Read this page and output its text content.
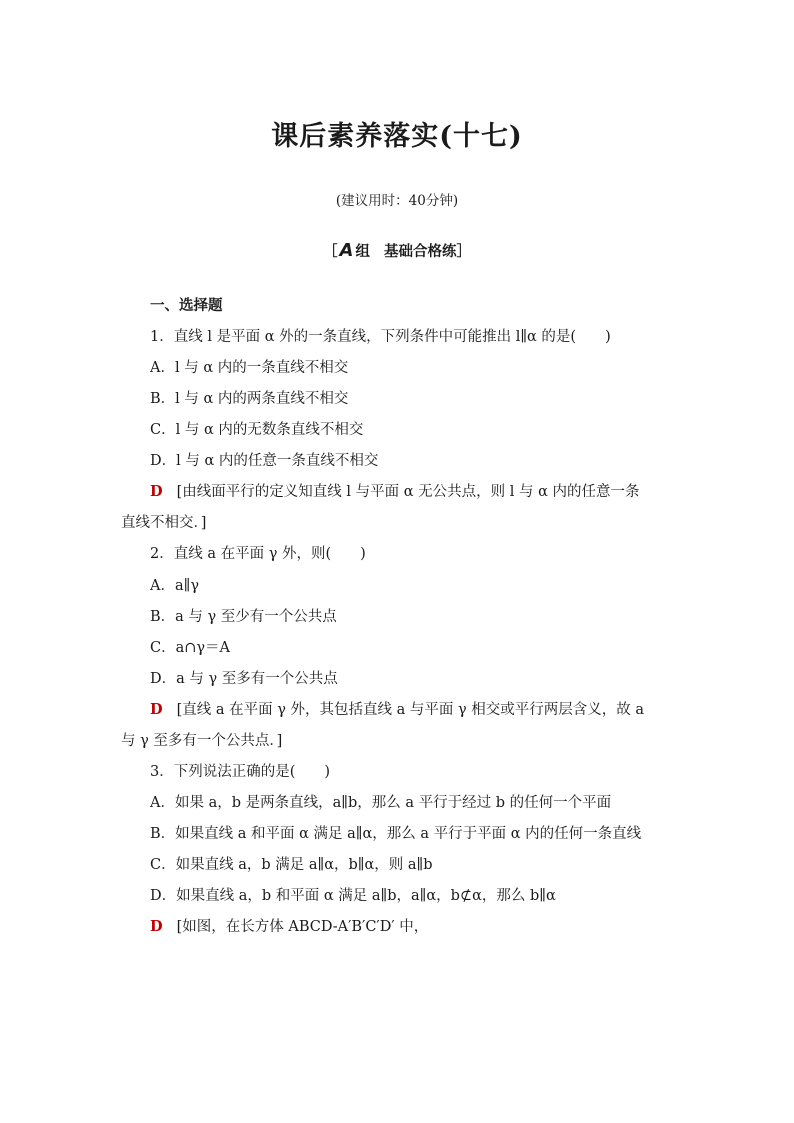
课后素养落实(十七)
(建议用时：40分钟)
［ A 组 基础合格练］
一、选择题
1．直线 l 是平面 α 外的一条直线，下列条件中可能推出 l∥α 的是(　　)
A．l 与 α 内的一条直线不相交
B．l 与 α 内的两条直线不相交
C．l 与 α 内的无数条直线不相交
D．l 与 α 内的任意一条直线不相交
D [由线面平行的定义知直线 l 与平面 α 无公共点，则 l 与 α 内的任意一条
直线不相交．]
2．直线 a 在平面 γ 外，则(　　)
A．a∥γ
B．a 与 γ 至少有一个公共点
C．a∩γ＝A
D．a 与 γ 至多有一个公共点
D [直线 a 在平面 γ 外，其包括直线 a 与平面 γ 相交或平行两层含义，故 a
与 γ 至多有一个公共点．]
3．下列说法正确的是(　　)
A．如果 a，b 是两条直线，a∥b，那么 a 平行于经过 b 的任何一个平面
B．如果直线 a 和平面 α 满足 a∥α，那么 a 平行于平面 α 内的任何一条直线
C．如果直线 a，b 满足 a∥α，b∥α，则 a∥b
D．如果直线 a，b 和平面 α 满足 a∥b，a∥α，b⊄α，那么 b∥α
D [如图，在长方体 ABCD-A′B′C′D′ 中，
